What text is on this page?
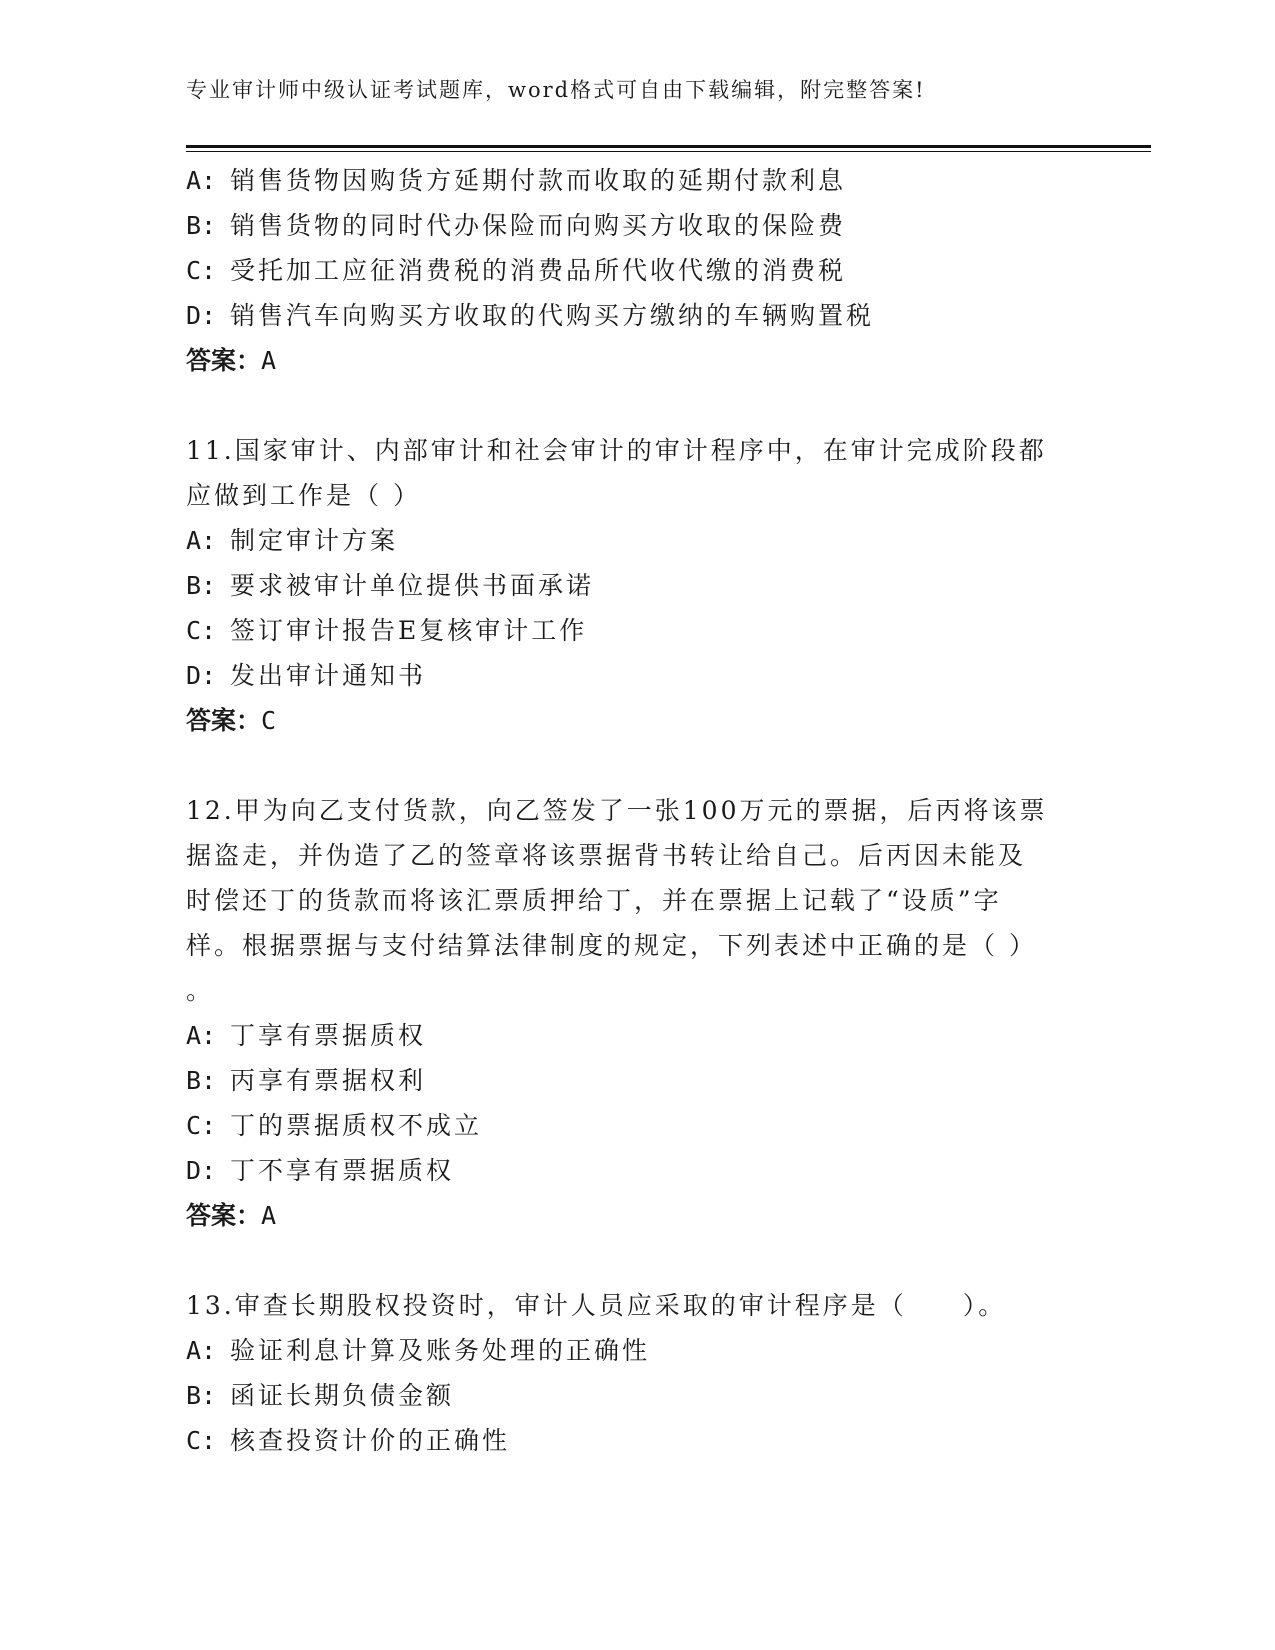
专业审计师中级认证考试题库，word格式可自由下载编辑，附完整答案!
A: 销售货物因购货方延期付款而收取的延期付款利息
B: 销售货物的同时代办保险而向购买方收取的保险费
C: 受托加工应征消费税的消费品所代收代缴的消费税
D: 销售汽车向购买方收取的代购买方缴纳的车辆购置税
答案：A
11.国家审计、内部审计和社会审计的审计程序中，在审计完成阶段都
应做到工作是（ ）
A: 制定审计方案
B: 要求被审计单位提供书面承诺
C: 签订审计报告E复核审计工作
D: 发出审计通知书
答案：C
12.甲为向乙支付货款，向乙签发了一张100万元的票据，后丙将该票
据盗走，并伪造了乙的签章将该票据背书转让给自己。后丙因未能及
时偿还丁的货款而将该汇票质押给丁，并在票据上记载了“设质”字
样。根据票据与支付结算法律制度的规定，下列表述中正确的是（ ）
。
A: 丁享有票据质权
B: 丙享有票据权利
C: 丁的票据质权不成立
D: 丁不享有票据质权
答案：A
13.审查长期股权投资时，审计人员应采取的审计程序是（　　）。
A: 验证利息计算及账务处理的正确性
B: 函证长期负债金额
C: 核查投资计价的正确性
